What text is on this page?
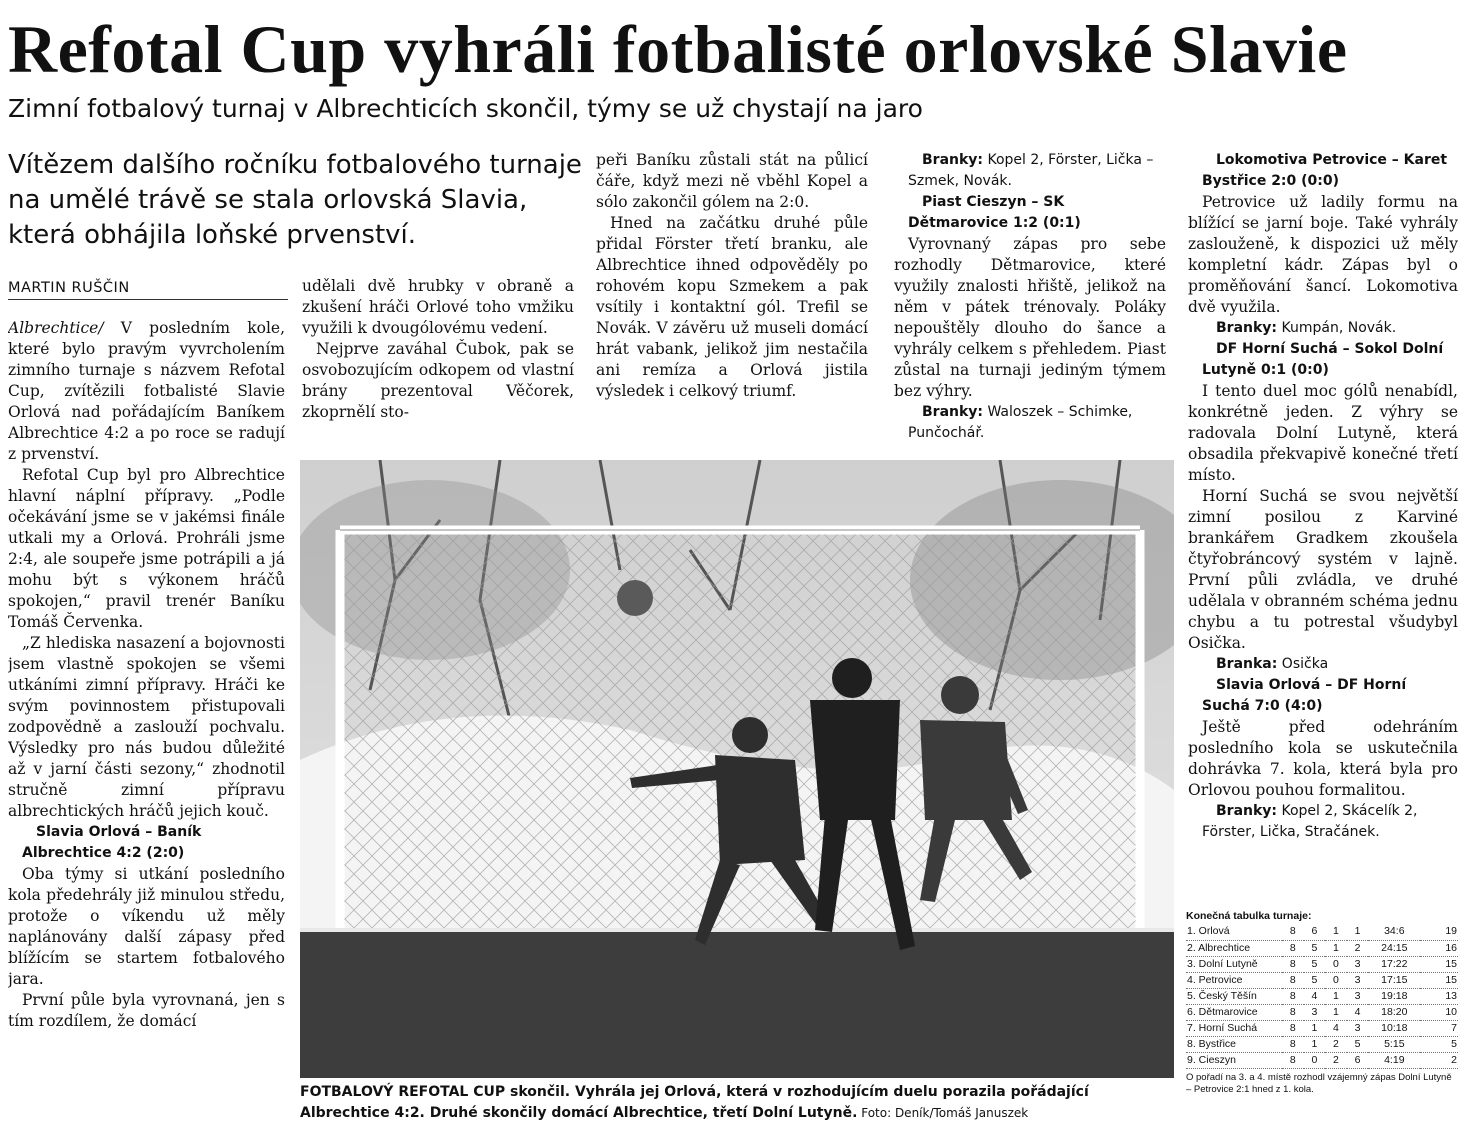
Refotal Cup vyhráli fotbalisté orlovské Slavie
Zimní fotbalový turnaj v Albrechticích skončil, týmy se už chystají na jaro

Vítězem dalšího ročníku fotbalového turnaje na umělé trávě se stala orlovská Slavia, která obhájila loňské prvenství.

MARTIN RUŠČIN

Albrechtice/ V posledním kole, které bylo pravým vyvrcholením zimního turnaje s názvem Refotal Cup, zvítězili fotbalisté Slavie Orlová nad pořádajícím Baníkem Albrechtice 4:2 a po roce se radují z prvenství.

Refotal Cup byl pro Albrechtice hlavní náplní přípravy. „Podle očekávání jsme se v jakémsi finále utkali my a Orlová. Prohráli jsme 2:4, ale soupeře jsme potrápili a já mohu být s výkonem hráčů spokojen,“ pravil trenér Baníku Tomáš Červenka.

„Z hlediska nasazení a bojovnosti jsem vlastně spokojen se všemi utkáními zimní přípravy. Hráči ke svým povinnostem přistupovali zodpovědně a zaslouží pochvalu. Výsledky pro nás budou důležité až v jarní části sezony,“ zhodnotil stručně zimní přípravu albrechtických hráčů jejich kouč.

Slavia Orlová – Baník Albrechtice 4:2 (2:0)

Oba týmy si utkání posledního kola předehrály již minulou středu, protože o víkendu už měly naplánovány další zápasy před blížícím se startem fotbalového jara.

První půle byla vyrovnaná, jen s tím rozdílem, že domácí

udělali dvě hrubky v obraně a zkušení hráči Orlové toho vmžiku využili k dvougólovému vedení.

Nejprve zaváhal Čubok, pak se osvobozujícím odkopem od vlastní brány prezentoval Věčorek, zkoprnělí sto-

peři Baníku zůstali stát na půlicí čáře, když mezi ně vběhl Kopel a sólo zakončil gólem na 2:0.

Hned na začátku druhé půle přidal Förster třetí branku, ale Albrechtice ihned odpověděly po rohovém kopu Szmekem a pak vsítily i kontaktní gól. Trefil se Novák. V závěru už museli domácí hrát vabank, jelikož jim nestačila ani remíza a Orlová jistila výsledek i celkový triumf.

Branky: Kopel 2, Förster, Lička – Szmek, Novák.

Piast Cieszyn – SK Dětmarovice 1:2 (0:1)

Vyrovnaný zápas pro sebe rozhodly Dětmarovice, které využily znalosti hřiště, jelikož na něm v pátek trénovaly. Poláky nepouštěly dlouho do šance a vyhrály celkem s přehledem. Piast zůstal na turnaji jediným týmem bez výhry.

Branky: Waloszek – Schimke, Punčochář.

Lokomotiva Petrovice – Karet Bystřice 2:0 (0:0)

Petrovice už ladily formu na blížící se jarní boje. Také vyhrály zaslouženě, k dispozici už měly kompletní kádr. Zápas byl o proměňování šancí. Lokomotiva dvě využila.

Branky: Kumpán, Novák.

DF Horní Suchá – Sokol Dolní Lutyně 0:1 (0:0)

I tento duel moc gólů nenabídl, konkrétně jeden. Z výhry se radovala Dolní Lutyně, která obsadila překvapivě konečné třetí místo.

Horní Suchá se svou největší zimní posilou z Karviné brankářem Gradkem zkoušela čtyřobráncový systém v lajně. První půli zvládla, ve druhé udělala v obranném schéma jednu chybu a tu potrestal všudybyl Osička.

Branka: Osička

Slavia Orlová – DF Horní Suchá 7:0 (4:0)

Ještě před odehráním posledního kola se uskutečnila dohrávka 7. kola, která byla pro Orlovou pouhou formalitou.

Branky: Kopel 2, Skácelík 2, Förster, Lička, Stračánek.

FOTBALOVÝ REFOTAL CUP skončil. Vyhrála jej Orlová, která v rozhodujícím duelu porazila pořádající Albrechtice 4:2. Druhé skončily domácí Albrechtice, třetí Dolní Lutyně. Foto: Deník/Tomáš Januszek

Konečná tabulka turnaje:
1. Orlová	8	6	1	1	34:6	19
2. Albrechtice	8	5	1	2	24:15	16
3. Dolní Lutyně	8	5	0	3	17:22	15
4. Petrovice	8	5	0	3	17:15	15
5. Český Těšín	8	4	1	3	19:18	13
6. Dětmarovice	8	3	1	4	18:20	10
7. Horní Suchá	8	1	4	3	10:18	7
8. Bystřice	8	1	2	5	5:15	5
9. Cieszyn	8	0	2	6	4:19	2
O pořadí na 3. a 4. místě rozhodl vzájemný zápas Dolní Lutyně – Petrovice 2:1 hned z 1. kola.
